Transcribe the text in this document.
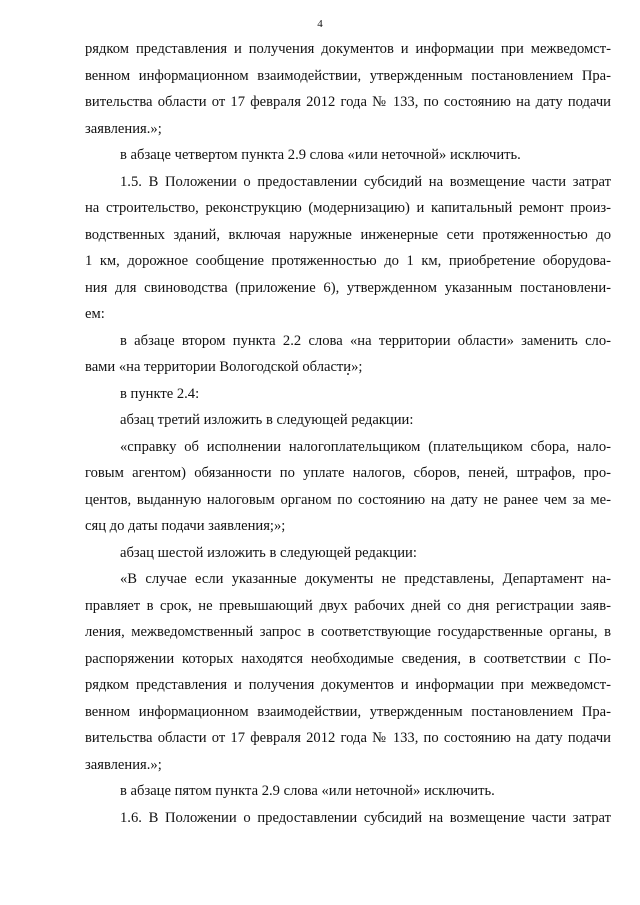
4
рядком представления и получения документов и информации при межведомст-
венном информационном взаимодействии, утвержденным постановлением Пра-
вительства области от 17 февраля 2012 года № 133, по состоянию на дату подачи
заявления.»;
в абзаце четвертом пункта 2.9 слова «или неточной» исключить.
1.5. В Положении о предоставлении субсидий на возмещение части затрат
на строительство, реконструкцию (модернизацию) и капитальный ремонт произ-
водственных зданий, включая наружные инженерные сети протяженностью до
1 км, дорожное сообщение протяженностью до 1 км, приобретение оборудова-
ния для свиноводства (приложение 6), утвержденном указанным постановлени-
ем:
в абзаце втором пункта 2.2 слова «на территории области» заменить сло-
вами «на территории Вологодской области»;
в пункте 2.4:
абзац третий изложить в следующей редакции:
«справку об исполнении налогоплательщиком (плательщиком сбора, нало-
говым агентом) обязанности по уплате налогов, сборов, пеней, штрафов, про-
центов, выданную налоговым органом по состоянию на дату не ранее чем за ме-
сяц до даты подачи заявления;»;
абзац шестой изложить в следующей редакции:
«В случае если указанные документы не представлены, Департамент на-
правляет в срок, не превышающий двух рабочих дней со дня регистрации заяв-
ления, межведомственный запрос в соответствующие государственные органы, в
распоряжении которых находятся необходимые сведения, в соответствии с По-
рядком представления и получения документов и информации при межведомст-
венном информационном взаимодействии, утвержденным постановлением Пра-
вительства области от 17 февраля 2012 года № 133, по состоянию на дату подачи
заявления.»;
в абзаце пятом пункта 2.9 слова «или неточной» исключить.
1.6. В Положении о предоставлении субсидий на возмещение части затрат
